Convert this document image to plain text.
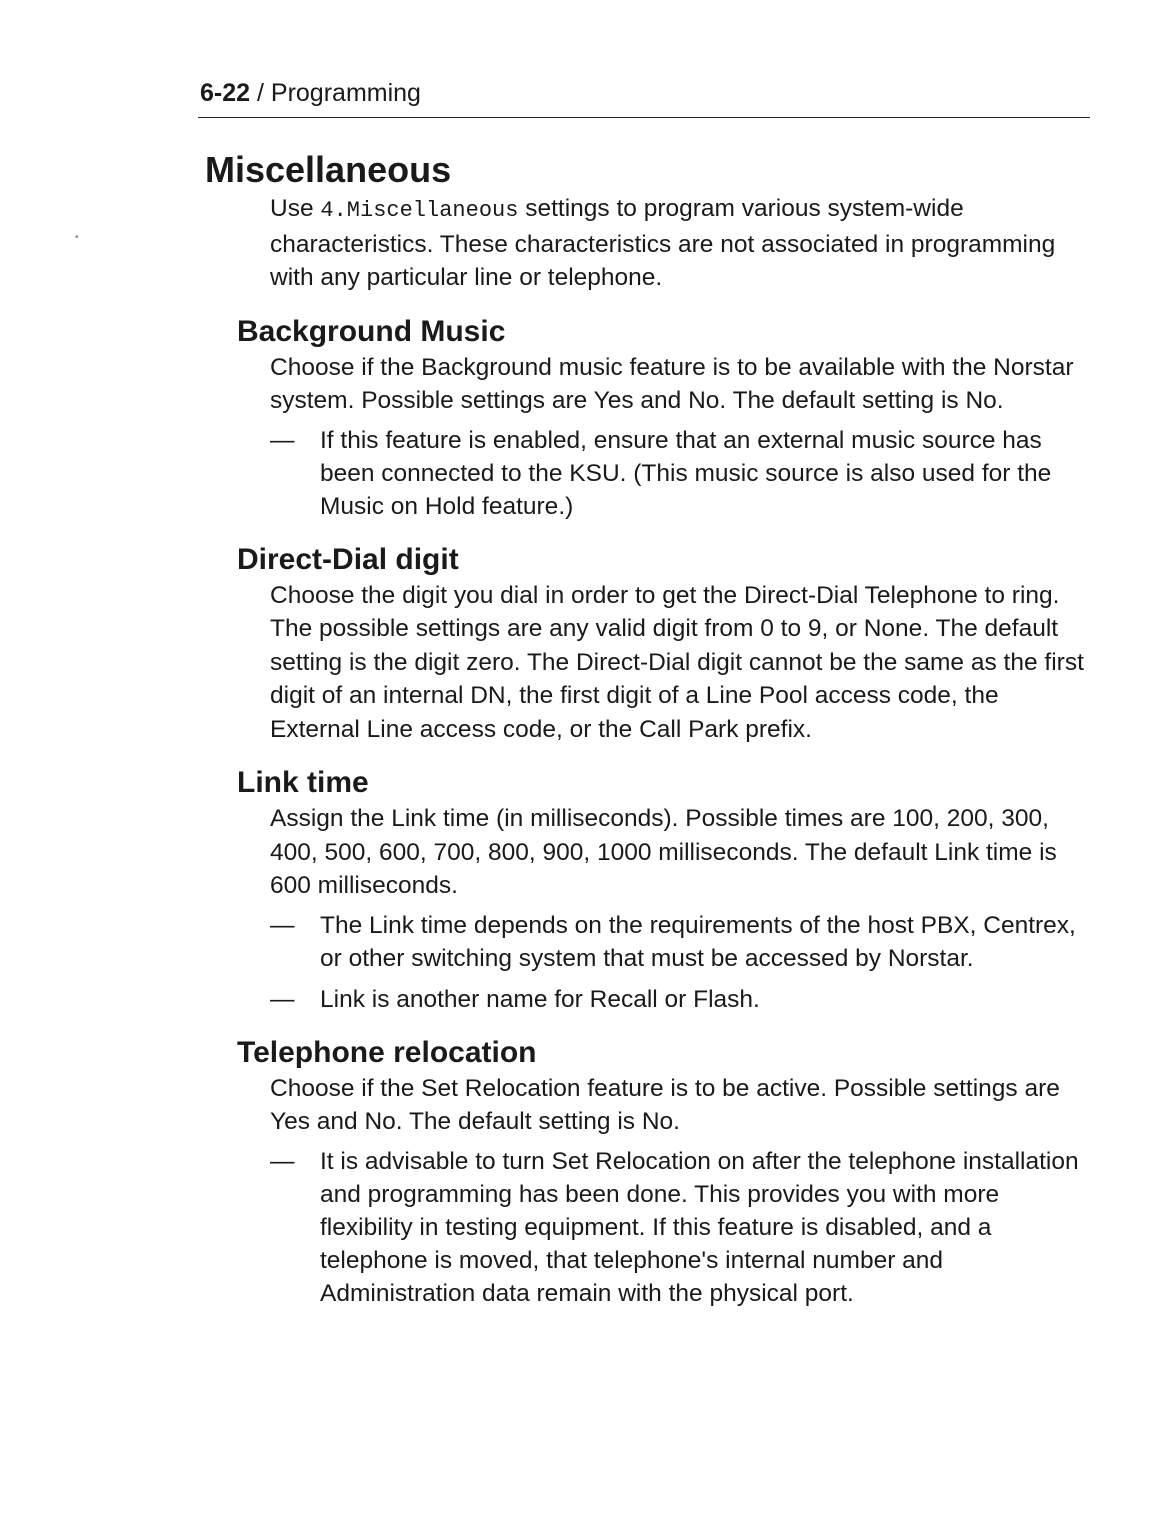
6-22 / Programming
•
Miscellaneous

Use 4.Miscellaneous settings to program various system-wide characteristics. These characteristics are not associated in programming with any particular line or telephone.

Background Music

Choose if the Background music feature is to be available with the Norstar system. Possible settings are Yes and No. The default setting is No.

—	If this feature is enabled, ensure that an external music source has been connected to the KSU. (This music source is also used for the Music on Hold feature.)
Direct-Dial digit

Choose the digit you dial in order to get the Direct-Dial Telephone to ring. The possible settings are any valid digit from 0 to 9, or None. The default setting is the digit zero. The Direct-Dial digit cannot be the same as the first digit of an internal DN, the first digit of a Line Pool access code, the External Line access code, or the Call Park prefix.

Link time

Assign the Link time (in milliseconds). Possible times are 100, 200, 300, 400, 500, 600, 700, 800, 900, 1000 milliseconds. The default Link time is 600 milliseconds.

—	The Link time depends on the requirements of the host PBX, Centrex, or other switching system that must be accessed by Norstar.
—	Link is another name for Recall or Flash.
Telephone relocation

Choose if the Set Relocation feature is to be active. Possible settings are Yes and No. The default setting is No.

—	It is advisable to turn Set Relocation on after the telephone installation and programming has been done. This provides you with more flexibility in testing equipment. If this feature is disabled, and a telephone is moved, that telephone's internal number and Administration data remain with the physical port.
